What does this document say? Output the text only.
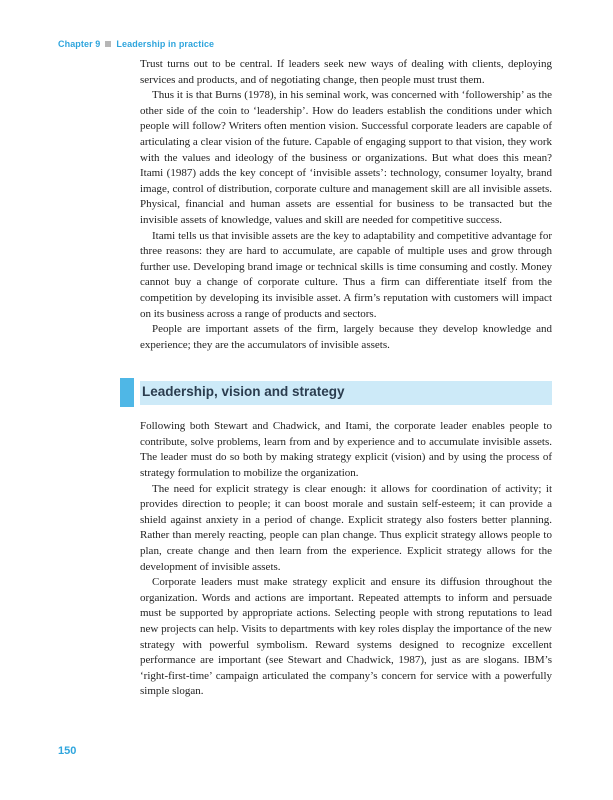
Chapter 9 Leadership in practice

Trust turns out to be central. If leaders seek new ways of dealing with clients, deploying services and products, and of negotiating change, then people must trust them.

Thus it is that Burns (1978), in his seminal work, was concerned with ‘followership’ as the other side of the coin to ‘leadership’. How do leaders establish the conditions under which people will follow? Writers often mention vision. Successful corporate leaders are capable of articulating a clear vision of the future. Capable of engaging support to that vision, they work with the values and ideology of the business or organizations. But what does this mean? Itami (1987) adds the key concept of ‘invisible assets’: technology, consumer loyalty, brand image, control of distribution, corporate culture and management skill are all invisible assets. Physical, financial and human assets are essential for business to be transacted but the invisible assets of knowledge, values and skill are needed for competitive success.

Itami tells us that invisible assets are the key to adaptability and competitive advantage for three reasons: they are hard to accumulate, are capable of multiple uses and grow through further use. Developing brand image or technical skills is time consuming and costly. Money cannot buy a change of corporate culture. Thus a firm can differentiate itself from the competition by developing its invisible asset. A firm’s reputation with customers will impact on its business across a range of products and sectors.

People are important assets of the firm, largely because they develop knowledge and experience; they are the accumulators of invisible assets.

Leadership, vision and strategy

Following both Stewart and Chadwick, and Itami, the corporate leader enables people to contribute, solve problems, learn from and by experience and to accumulate invisible assets. The leader must do so both by making strategy explicit (vision) and by using the process of strategy formulation to mobilize the organization.

The need for explicit strategy is clear enough: it allows for coordination of activity; it provides direction to people; it can boost morale and sustain self-esteem; it can provide a shield against anxiety in a period of change. Explicit strategy also fosters better planning. Rather than merely reacting, people can plan change. Thus explicit strategy allows people to plan, create change and then learn from the experience. Explicit strategy allows for the development of invisible assets.

Corporate leaders must make strategy explicit and ensure its diffusion throughout the organization. Words and actions are important. Repeated attempts to inform and persuade must be supported by appropriate actions. Selecting people with strong reputations to lead new projects can help. Visits to departments with key roles display the importance of the new strategy with powerful symbolism. Reward systems designed to recognize excellent performance are important (see Stewart and Chadwick, 1987), just as are slogans. IBM’s ‘right-first-time’ campaign articulated the company’s concern for service with a powerfully simple slogan.

150
